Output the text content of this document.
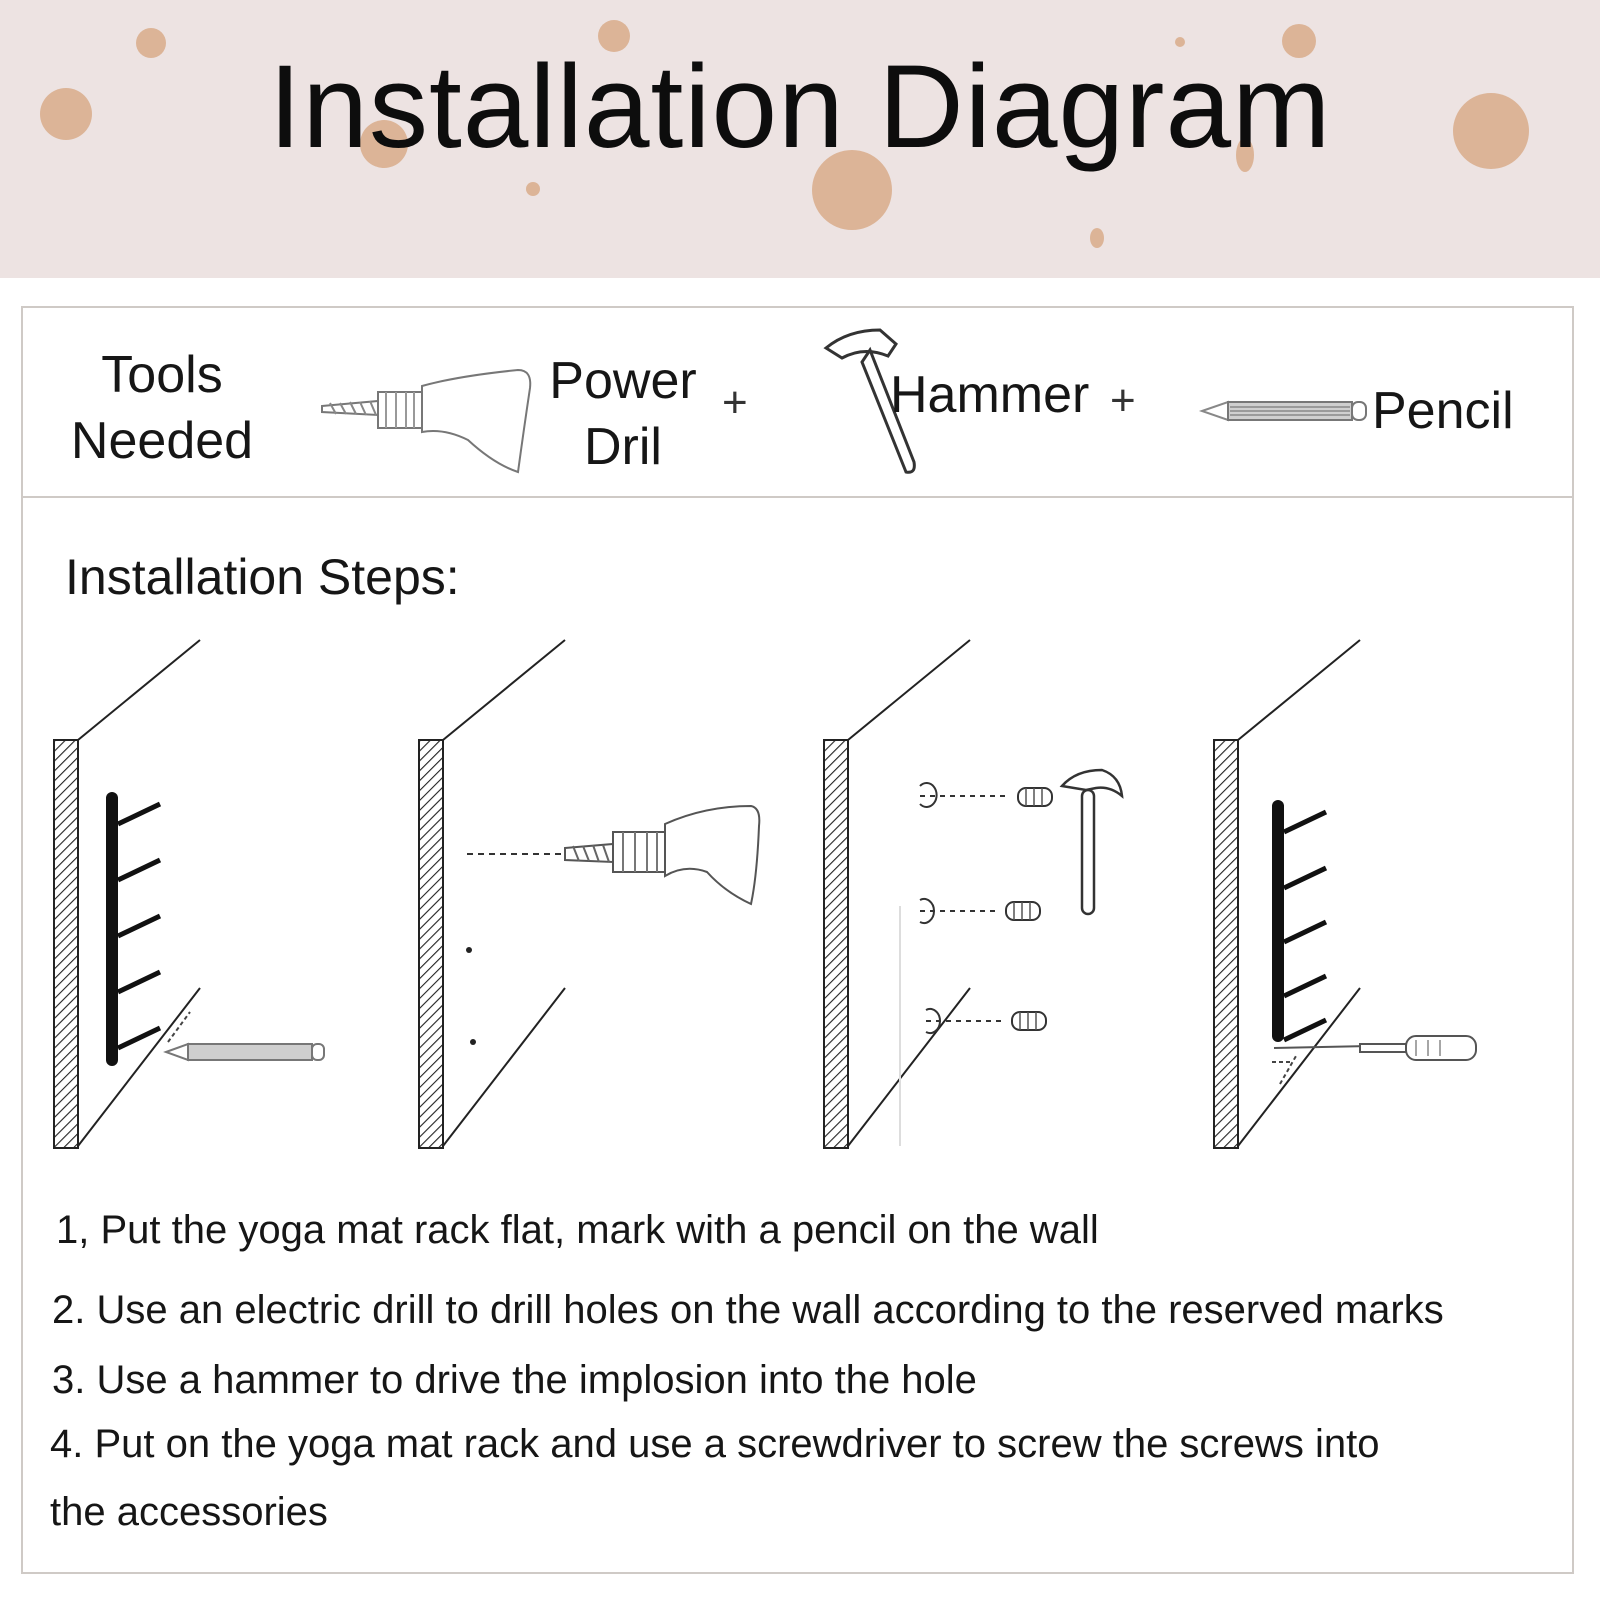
Installation Diagram
Tools
Needed
Power
Dril
+	Hammer +	Pencil
Installation Steps:
1, Put the yoga mat rack flat, mark with a pencil on the wall
2. Use an electric drill to drill holes on the wall according to the reserved marks
3. Use a hammer to drive the implosion into the hole
4. Put on the yoga mat rack and use a screwdriver to screw the screws into
the accessories
